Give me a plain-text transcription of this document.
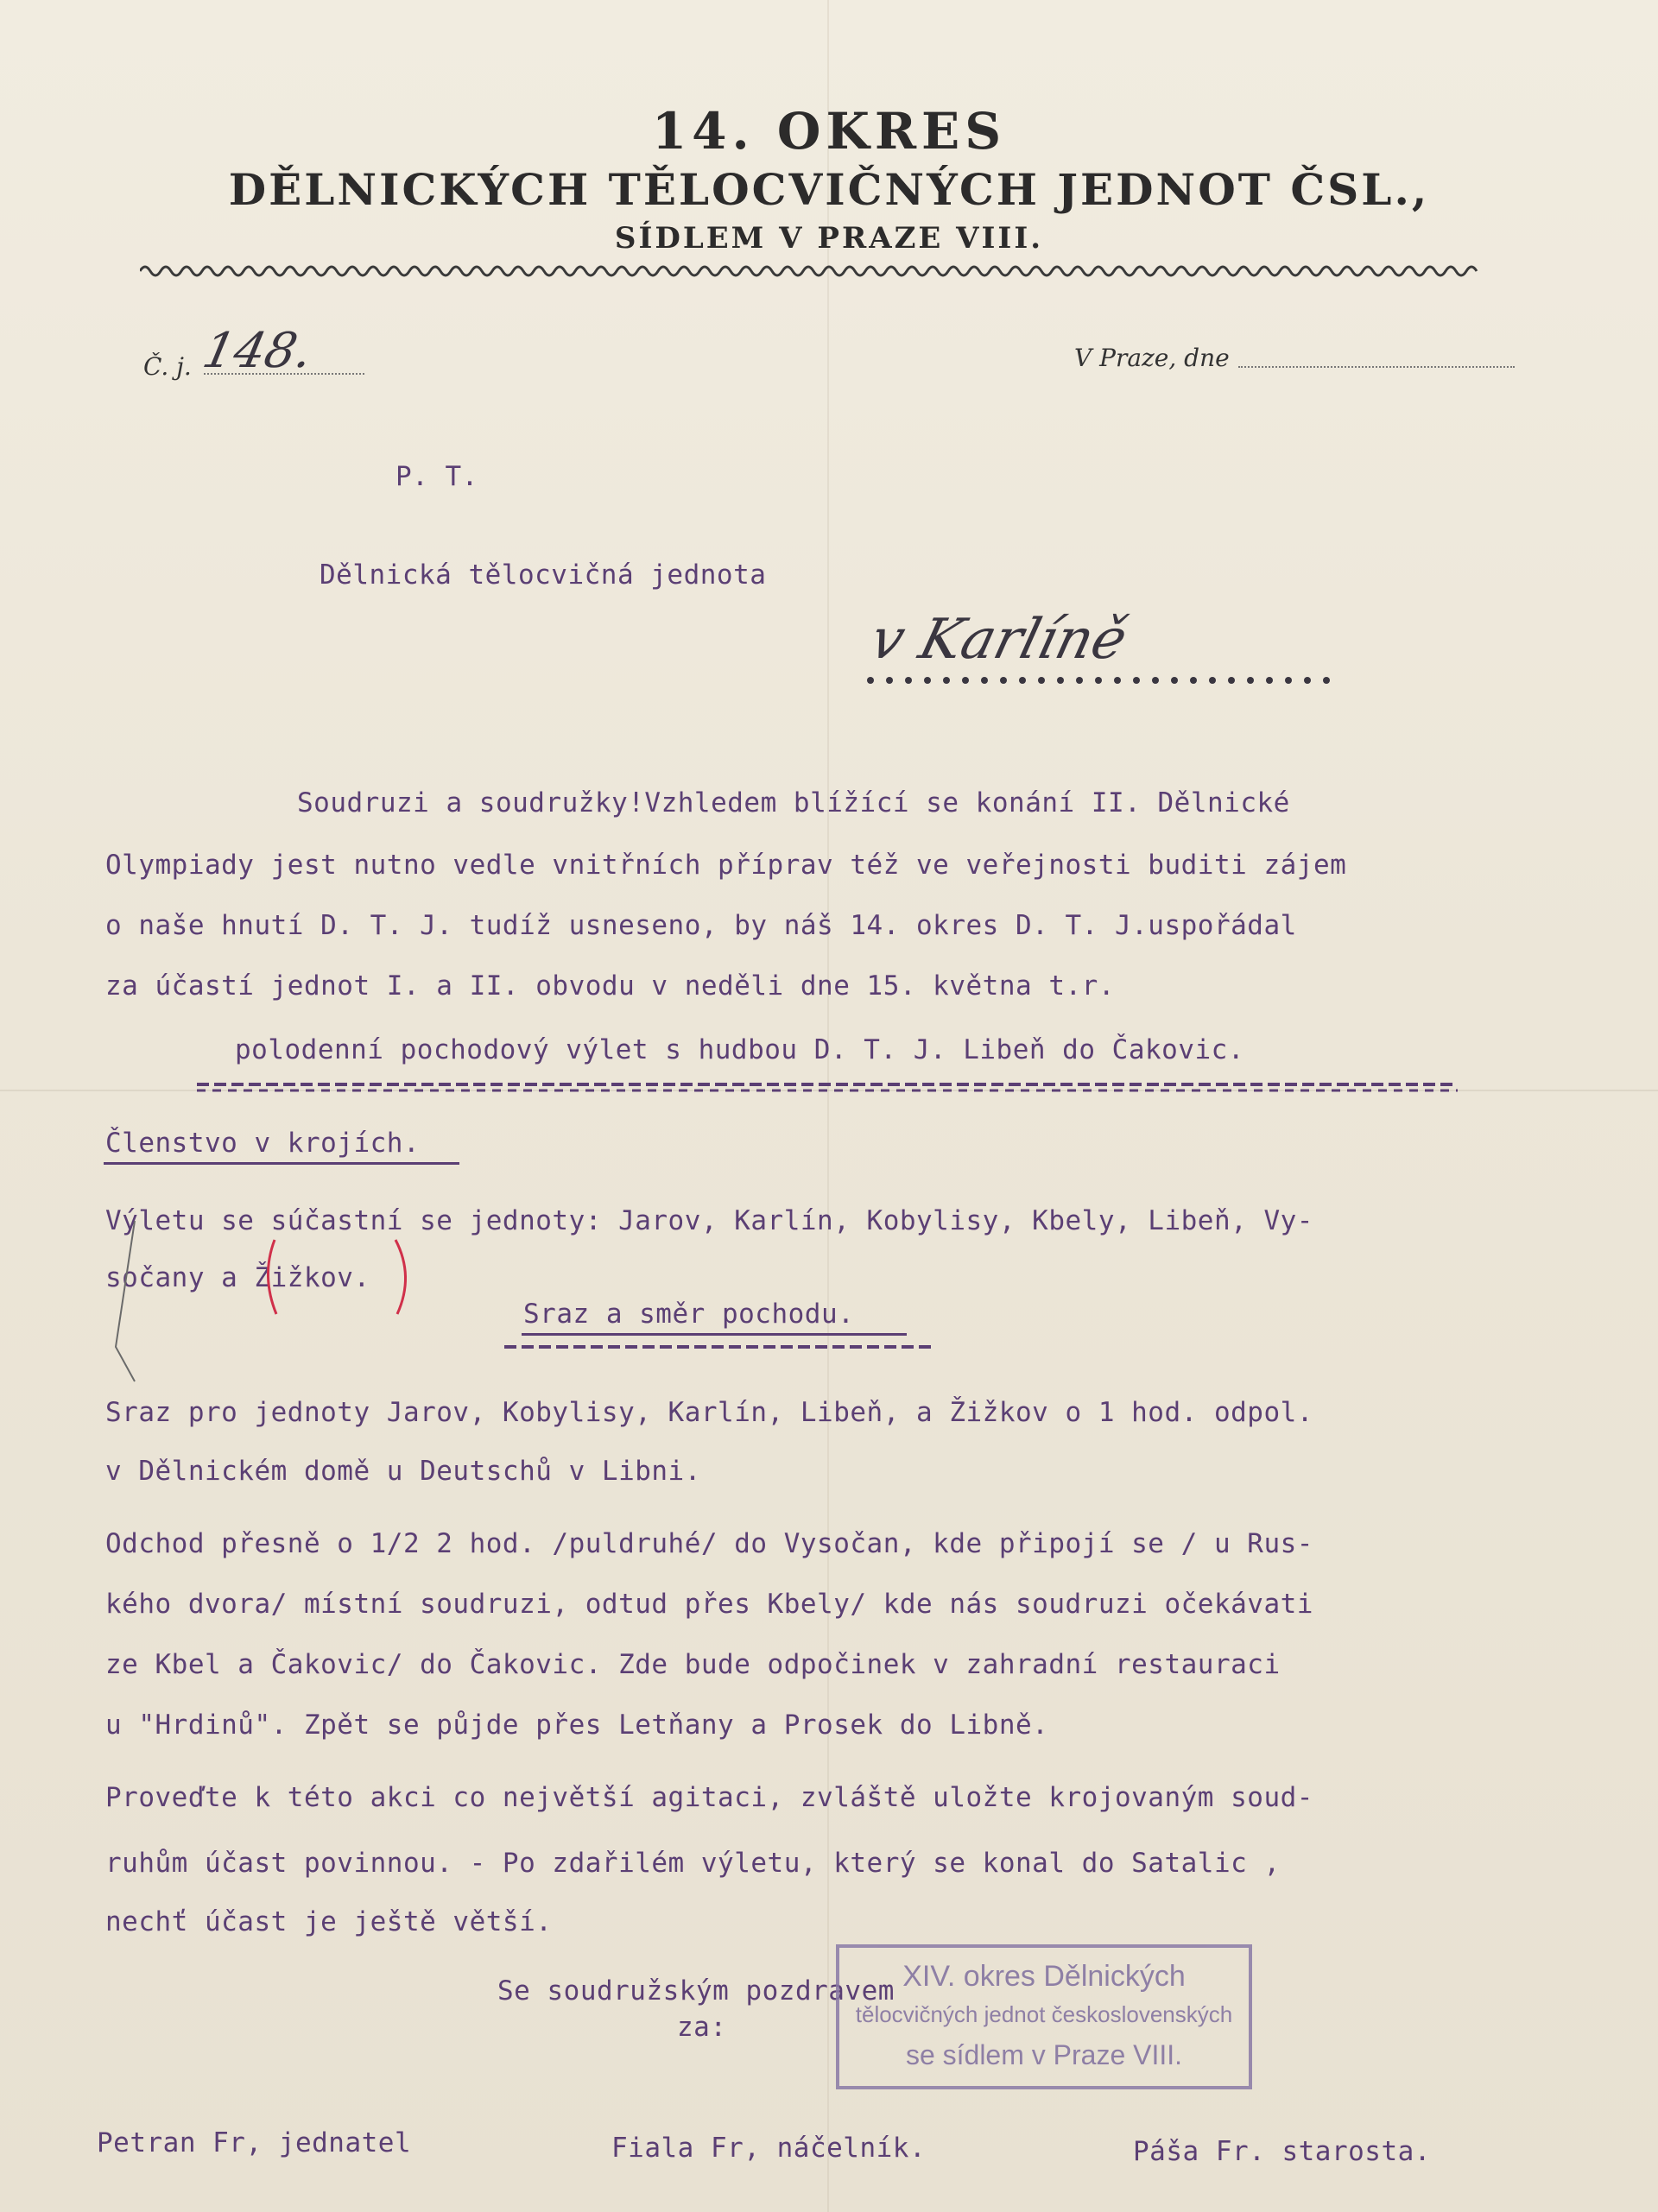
14. OKRES
DĚLNICKÝCH TĚLOCVIČNÝCH JEDNOT ČSL.,
SÍDLEM V PRAZE VIII.
Č. j. 148.	V Praze, dne
P. T.
Dělnická tělocvičná jednota
v Karlíně
Soudruzi a soudružky!Vzhledem blížící se konání II. Dělnické
Olympiady jest nutno vedle vnitřních příprav též ve veřejnosti buditi zájem
o naše hnutí D. T. J. tudíž usneseno, by náš 14. okres D. T. J.uspořádal
za účastí jednot I. a II. obvodu v neděli dne 15. května t.r.
polodenní pochodový výlet s hudbou D. T. J. Libeň do Čakovic.
Členstvo v krojích.
Výletu se súčastní se jednoty: Jarov, Karlín, Kobylisy, Kbely, Libeň, Vy-
sočany a Žižkov.
Sraz a směr pochodu.
Sraz pro jednoty Jarov, Kobylisy, Karlín, Libeň, a Žižkov o 1 hod. odpol.
v Dělnickém domě u Deutschů v Libni.
Odchod přesně o 1/2 2 hod. /puldruhé/ do Vysočan, kde připojí se / u Rus-
kého dvora/ místní soudruzi, odtud přes Kbely/ kde nás soudruzi očekávati
ze Kbel a Čakovic/ do Čakovic. Zde bude odpočinek v zahradní restauraci
u "Hrdinů". Zpět se půjde přes Letňany a Prosek do Libně.
Proveďte k této akci co největší agitaci, zvláště uložte krojovaným soud-
ruhům účast povinnou. - Po zdařilém výletu, který se konal do Satalic ,
nechť účast je ještě větší.
Se soudružským pozdravem
za:
XIV. okres Dělnických
tělocvičných jednot československých
se sídlem v Praze VIII.
Petran Fr, jednatel	Fiala Fr, náčelník.	Páša Fr. starosta.
